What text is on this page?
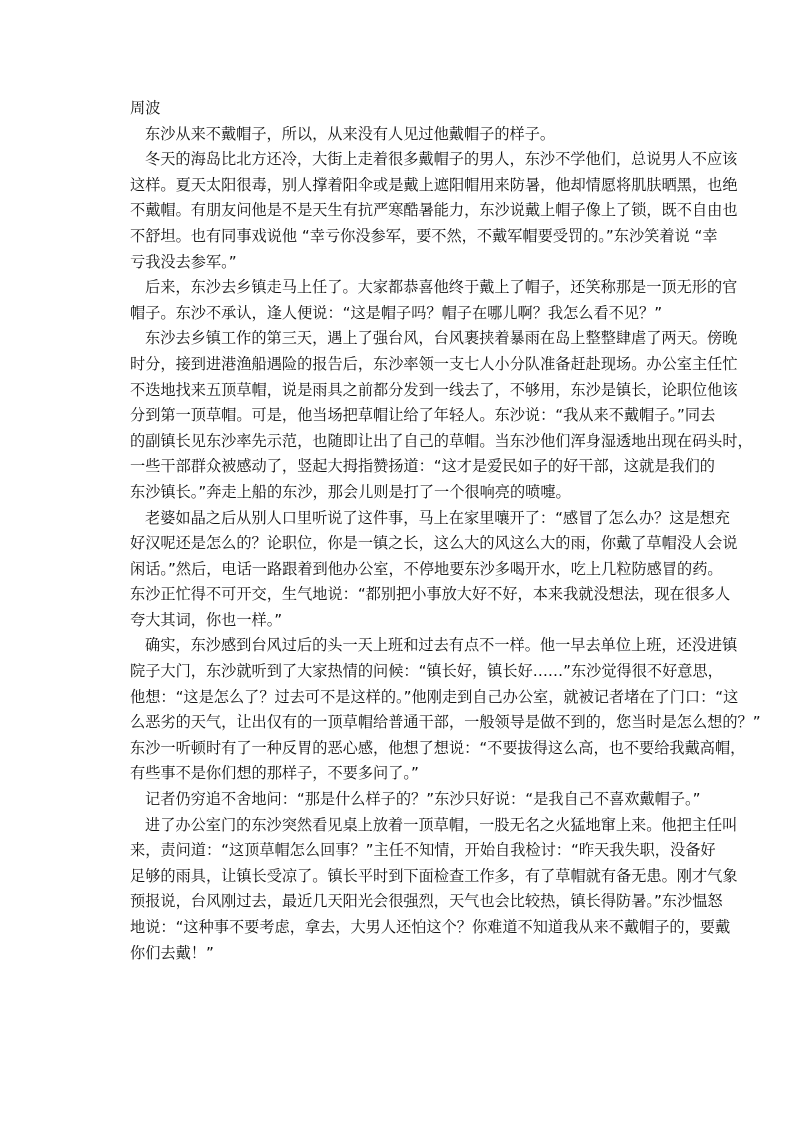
周波
东沙从来不戴帽子，所以，从来没有人见过他戴帽子的样子。
冬天的海岛比北方还冷，大街上走着很多戴帽子的男人，东沙不学他们，总说男人不应该
这样。夏天太阳很毒，别人撑着阳伞或是戴上遮阳帽用来防暑，他却情愿将肌肤晒黑，也绝
不戴帽。有朋友问他是不是天生有抗严寒酷暑能力，东沙说戴上帽子像上了锁，既不自由也
不舒坦。也有同事戏说他 “幸亏你没参军，要不然，不戴军帽要受罚的。”东沙笑着说 “幸
亏我没去参军。”
后来，东沙去乡镇走马上任了。大家都恭喜他终于戴上了帽子，还笑称那是一顶无形的官
帽子。东沙不承认，逢人便说：“这是帽子吗？帽子在哪儿啊？我怎么看不见？”
东沙去乡镇工作的第三天，遇上了强台风，台风裹挟着暴雨在岛上整整肆虐了两天。傍晚
时分，接到进港渔船遇险的报告后，东沙率领一支七人小分队准备赶赴现场。办公室主任忙
不迭地找来五顶草帽，说是雨具之前都分发到一线去了，不够用，东沙是镇长，论职位他该
分到第一顶草帽。可是，他当场把草帽让给了年轻人。东沙说：“我从来不戴帽子。”同去
的副镇长见东沙率先示范，也随即让出了自己的草帽。当东沙他们浑身湿透地出现在码头时，
一些干部群众被感动了，竖起大拇指赞扬道：“这才是爱民如子的好干部，这就是我们的
东沙镇长。”奔走上船的东沙，那会儿则是打了一个很响亮的喷嚏。
老婆如晶之后从别人口里听说了这件事，马上在家里嚷开了：“感冒了怎么办？这是想充
好汉呢还是怎么的？论职位，你是一镇之长，这么大的风这么大的雨，你戴了草帽没人会说
闲话。”然后，电话一路跟着到他办公室，不停地要东沙多喝开水，吃上几粒防感冒的药。
东沙正忙得不可开交，生气地说：“都别把小事放大好不好，本来我就没想法，现在很多人
夸大其词，你也一样。”
确实，东沙感到台风过后的头一天上班和过去有点不一样。他一早去单位上班，还没进镇
院子大门，东沙就听到了大家热情的问候：“镇长好，镇长好……”东沙觉得很不好意思，
他想：“这是怎么了？过去可不是这样的。”他刚走到自己办公室，就被记者堵在了门口：“这
么恶劣的天气，让出仅有的一顶草帽给普通干部，一般领导是做不到的，您当时是怎么想的？”
东沙一听顿时有了一种反胃的恶心感，他想了想说：“不要拔得这么高，也不要给我戴高帽，
有些事不是你们想的那样子，不要多问了。”
记者仍穷追不舍地问：“那是什么样子的？”东沙只好说：“是我自己不喜欢戴帽子。”
进了办公室门的东沙突然看见桌上放着一顶草帽，一股无名之火猛地窜上来。他把主任叫
来，责问道：“这顶草帽怎么回事？”主任不知情，开始自我检讨：“昨天我失职，没备好
足够的雨具，让镇长受凉了。镇长平时到下面检查工作多，有了草帽就有备无患。刚才气象
预报说，台风刚过去，最近几天阳光会很强烈，天气也会比较热，镇长得防暑。”东沙愠怒
地说：“这种事不要考虑，拿去，大男人还怕这个？你难道不知道我从来不戴帽子的，要戴
你们去戴！”
